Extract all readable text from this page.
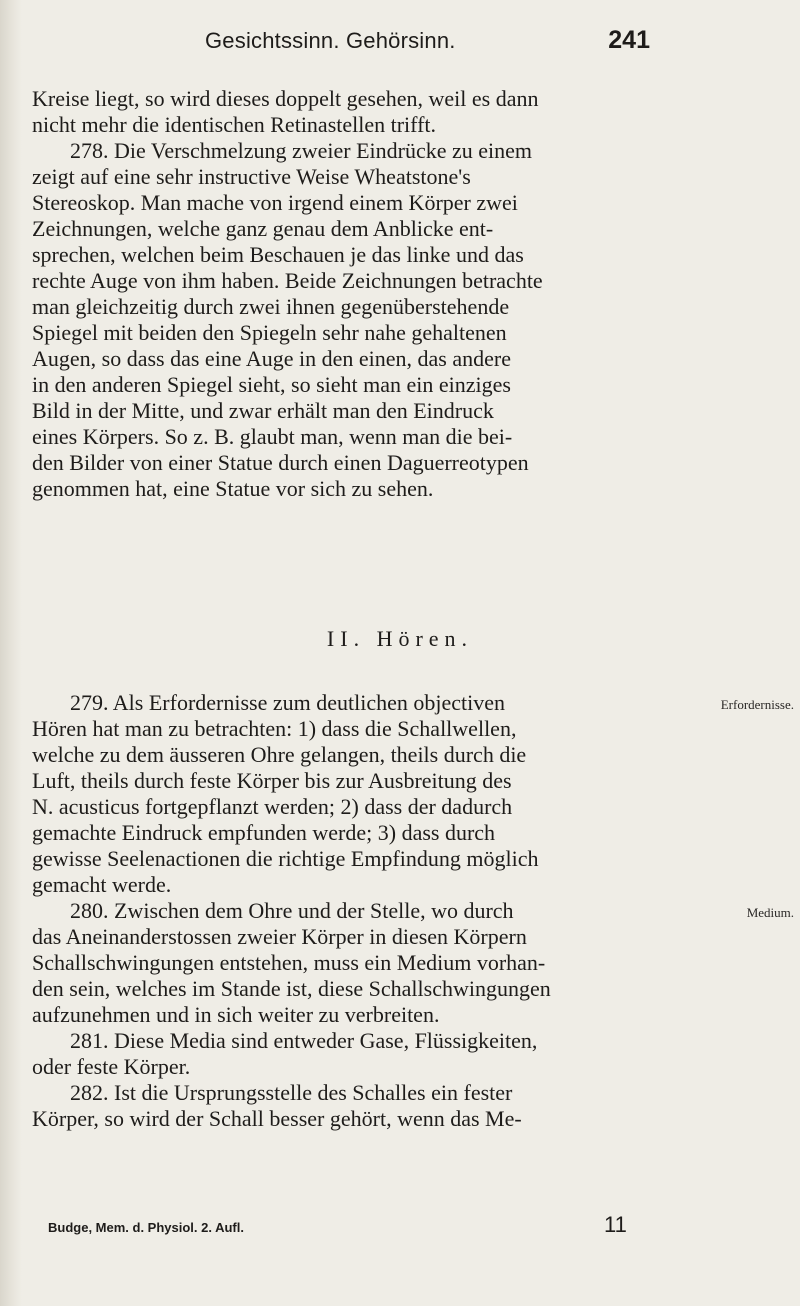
Gesichtssinn. Gehörsinn.	241
Kreise liegt, so wird dieses doppelt gesehen, weil es dann
nicht mehr die identischen Retinastellen trifft.
278. Die Verschmelzung zweier Eindrücke zu einem
zeigt auf eine sehr instructive Weise Wheatstone's
Stereoskop. Man mache von irgend einem Körper zwei
Zeichnungen, welche ganz genau dem Anblicke ent-
sprechen, welchen beim Beschauen je das linke und das
rechte Auge von ihm haben. Beide Zeichnungen betrachte
man gleichzeitig durch zwei ihnen gegenüberstehende
Spiegel mit beiden den Spiegeln sehr nahe gehaltenen
Augen, so dass das eine Auge in den einen, das andere
in den anderen Spiegel sieht, so sieht man ein einziges
Bild in der Mitte, und zwar erhält man den Eindruck
eines Körpers. So z. B. glaubt man, wenn man die bei-
den Bilder von einer Statue durch einen Daguerreotypen
genommen hat, eine Statue vor sich zu sehen.
II. Hören.
279. Als Erfordernisse zum deutlichen objectiven
Hören hat man zu betrachten: 1) dass die Schallwellen,
welche zu dem äusseren Ohre gelangen, theils durch die
Luft, theils durch feste Körper bis zur Ausbreitung des
N. acusticus fortgepflanzt werden; 2) dass der dadurch
gemachte Eindruck empfunden werde; 3) dass durch
gewisse Seelenactionen die richtige Empfindung möglich
gemacht werde.
280. Zwischen dem Ohre und der Stelle, wo durch
das Aneinanderstossen zweier Körper in diesen Körpern
Schallschwingungen entstehen, muss ein Medium vorhan-
den sein, welches im Stande ist, diese Schallschwingungen
aufzunehmen und in sich weiter zu verbreiten.
281. Diese Media sind entweder Gase, Flüssigkeiten,
oder feste Körper.
282. Ist die Ursprungsstelle des Schalles ein fester
Körper, so wird der Schall besser gehört, wenn das Me-
Erfordernisse.
Medium.
Budge, Mem. d. Physiol. 2. Aufl.	11
